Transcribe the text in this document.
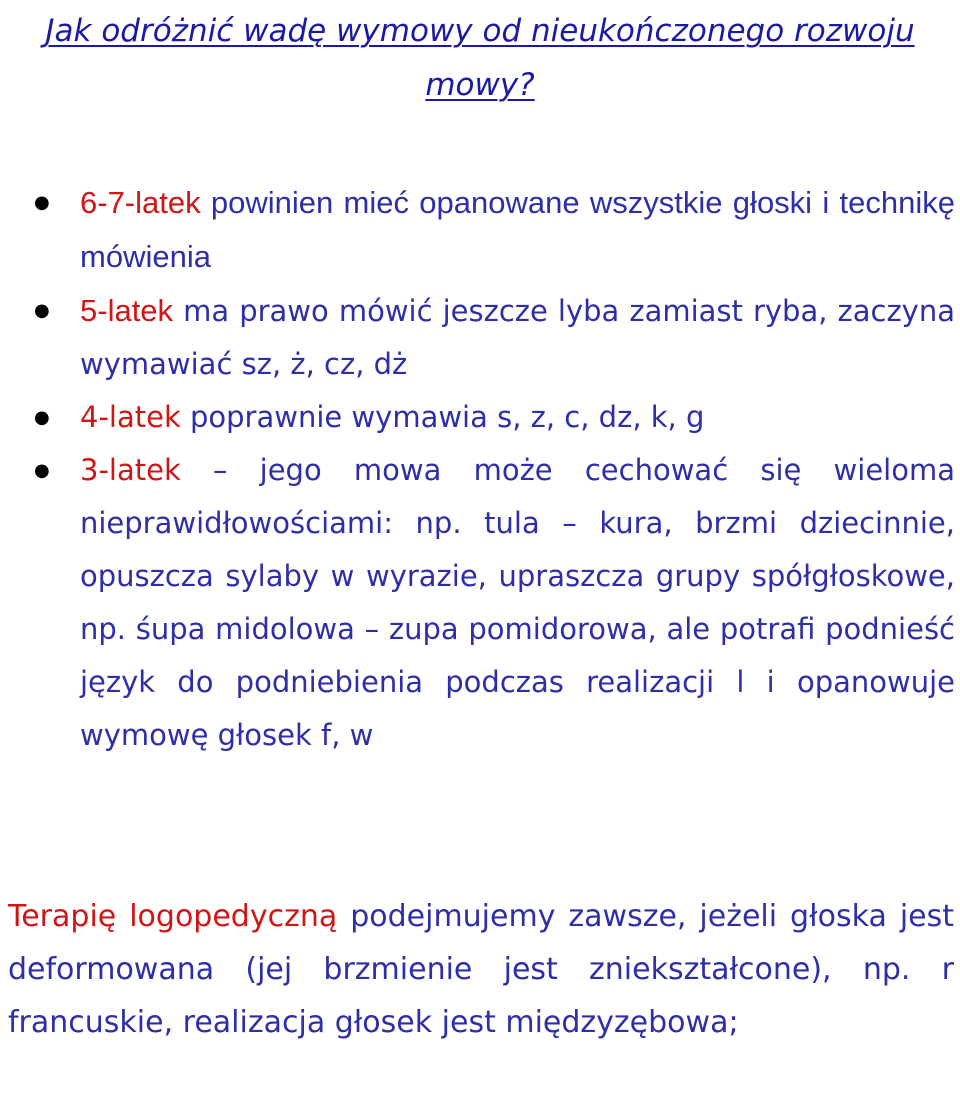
Jak odróżnić wadę wymowy od nieukończonego rozwoju mowy?
● 6-7-latek powinien mieć opanowane wszystkie głoski i technikę mówienia
● 5-latek ma prawo mówić jeszcze lyba zamiast ryba, zaczyna wymawiać sz, ż, cz, dż
● 4-latek poprawnie wymawia s, z, c, dz, k, g
● 3-latek – jego mowa może cechować się wieloma nieprawidłowościami: np. tula – kura, brzmi dziecinnie, opuszcza sylaby w wyrazie, upraszcza grupy spółgłoskowe, np. śupa midolowa – zupa pomidorowa, ale potrafi podnieść język do podniebienia podczas realizacji l i opanowuje wymowę głosek f, w

Terapię logopedyczną podejmujemy zawsze, jeżeli głoska jest deformowana (jej brzmienie jest zniekształcone), np. r francuskie, realizacja głosek jest międzyzębowa;
